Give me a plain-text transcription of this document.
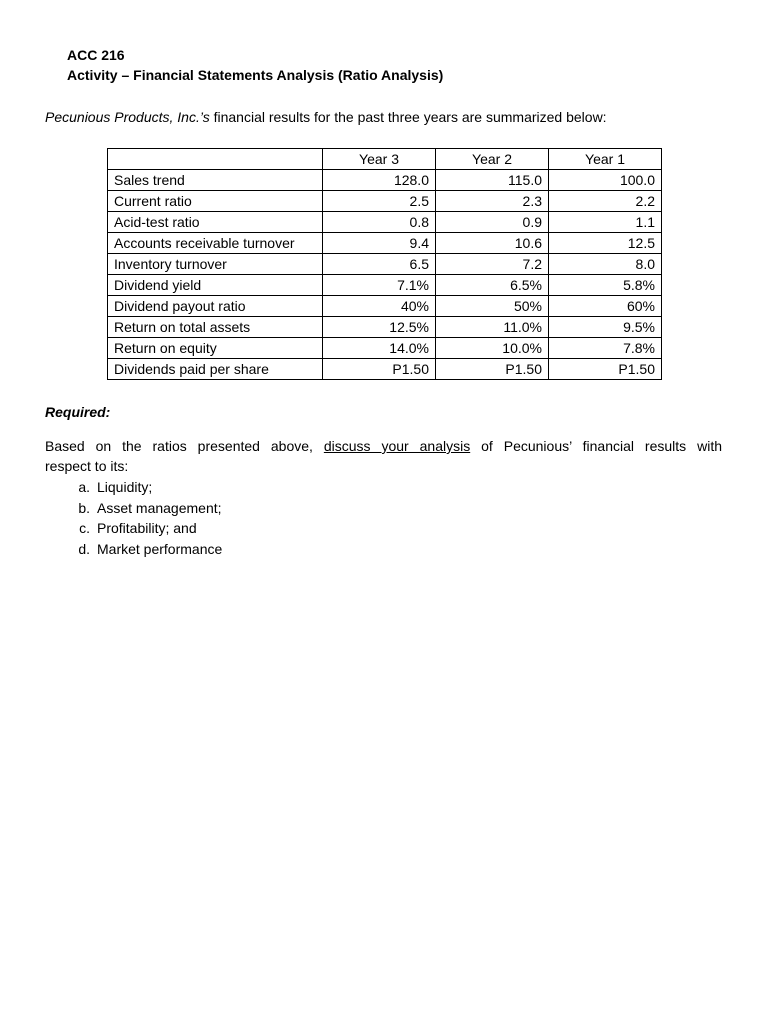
ACC 216
Activity – Financial Statements Analysis (Ratio Analysis)
Pecunious Products, Inc.’s financial results for the past three years are summarized below:
	Year 3	Year 2	Year 1
Sales trend	128.0	115.0	100.0
Current ratio	2.5	2.3	2.2
Acid-test ratio	0.8	0.9	1.1
Accounts receivable turnover	9.4	10.6	12.5
Inventory turnover	6.5	7.2	8.0
Dividend yield	7.1%	6.5%	5.8%
Dividend payout ratio	40%	50%	60%
Return on total assets	12.5%	11.0%	9.5%
Return on equity	14.0%	10.0%	7.8%
Dividends paid per share	P1.50	P1.50	P1.50
Required:
Based on the ratios presented above, discuss your analysis of Pecunious’ financial results with
respect to its:
a. Liquidity;
b. Asset management;
c. Profitability; and
d. Market performance
